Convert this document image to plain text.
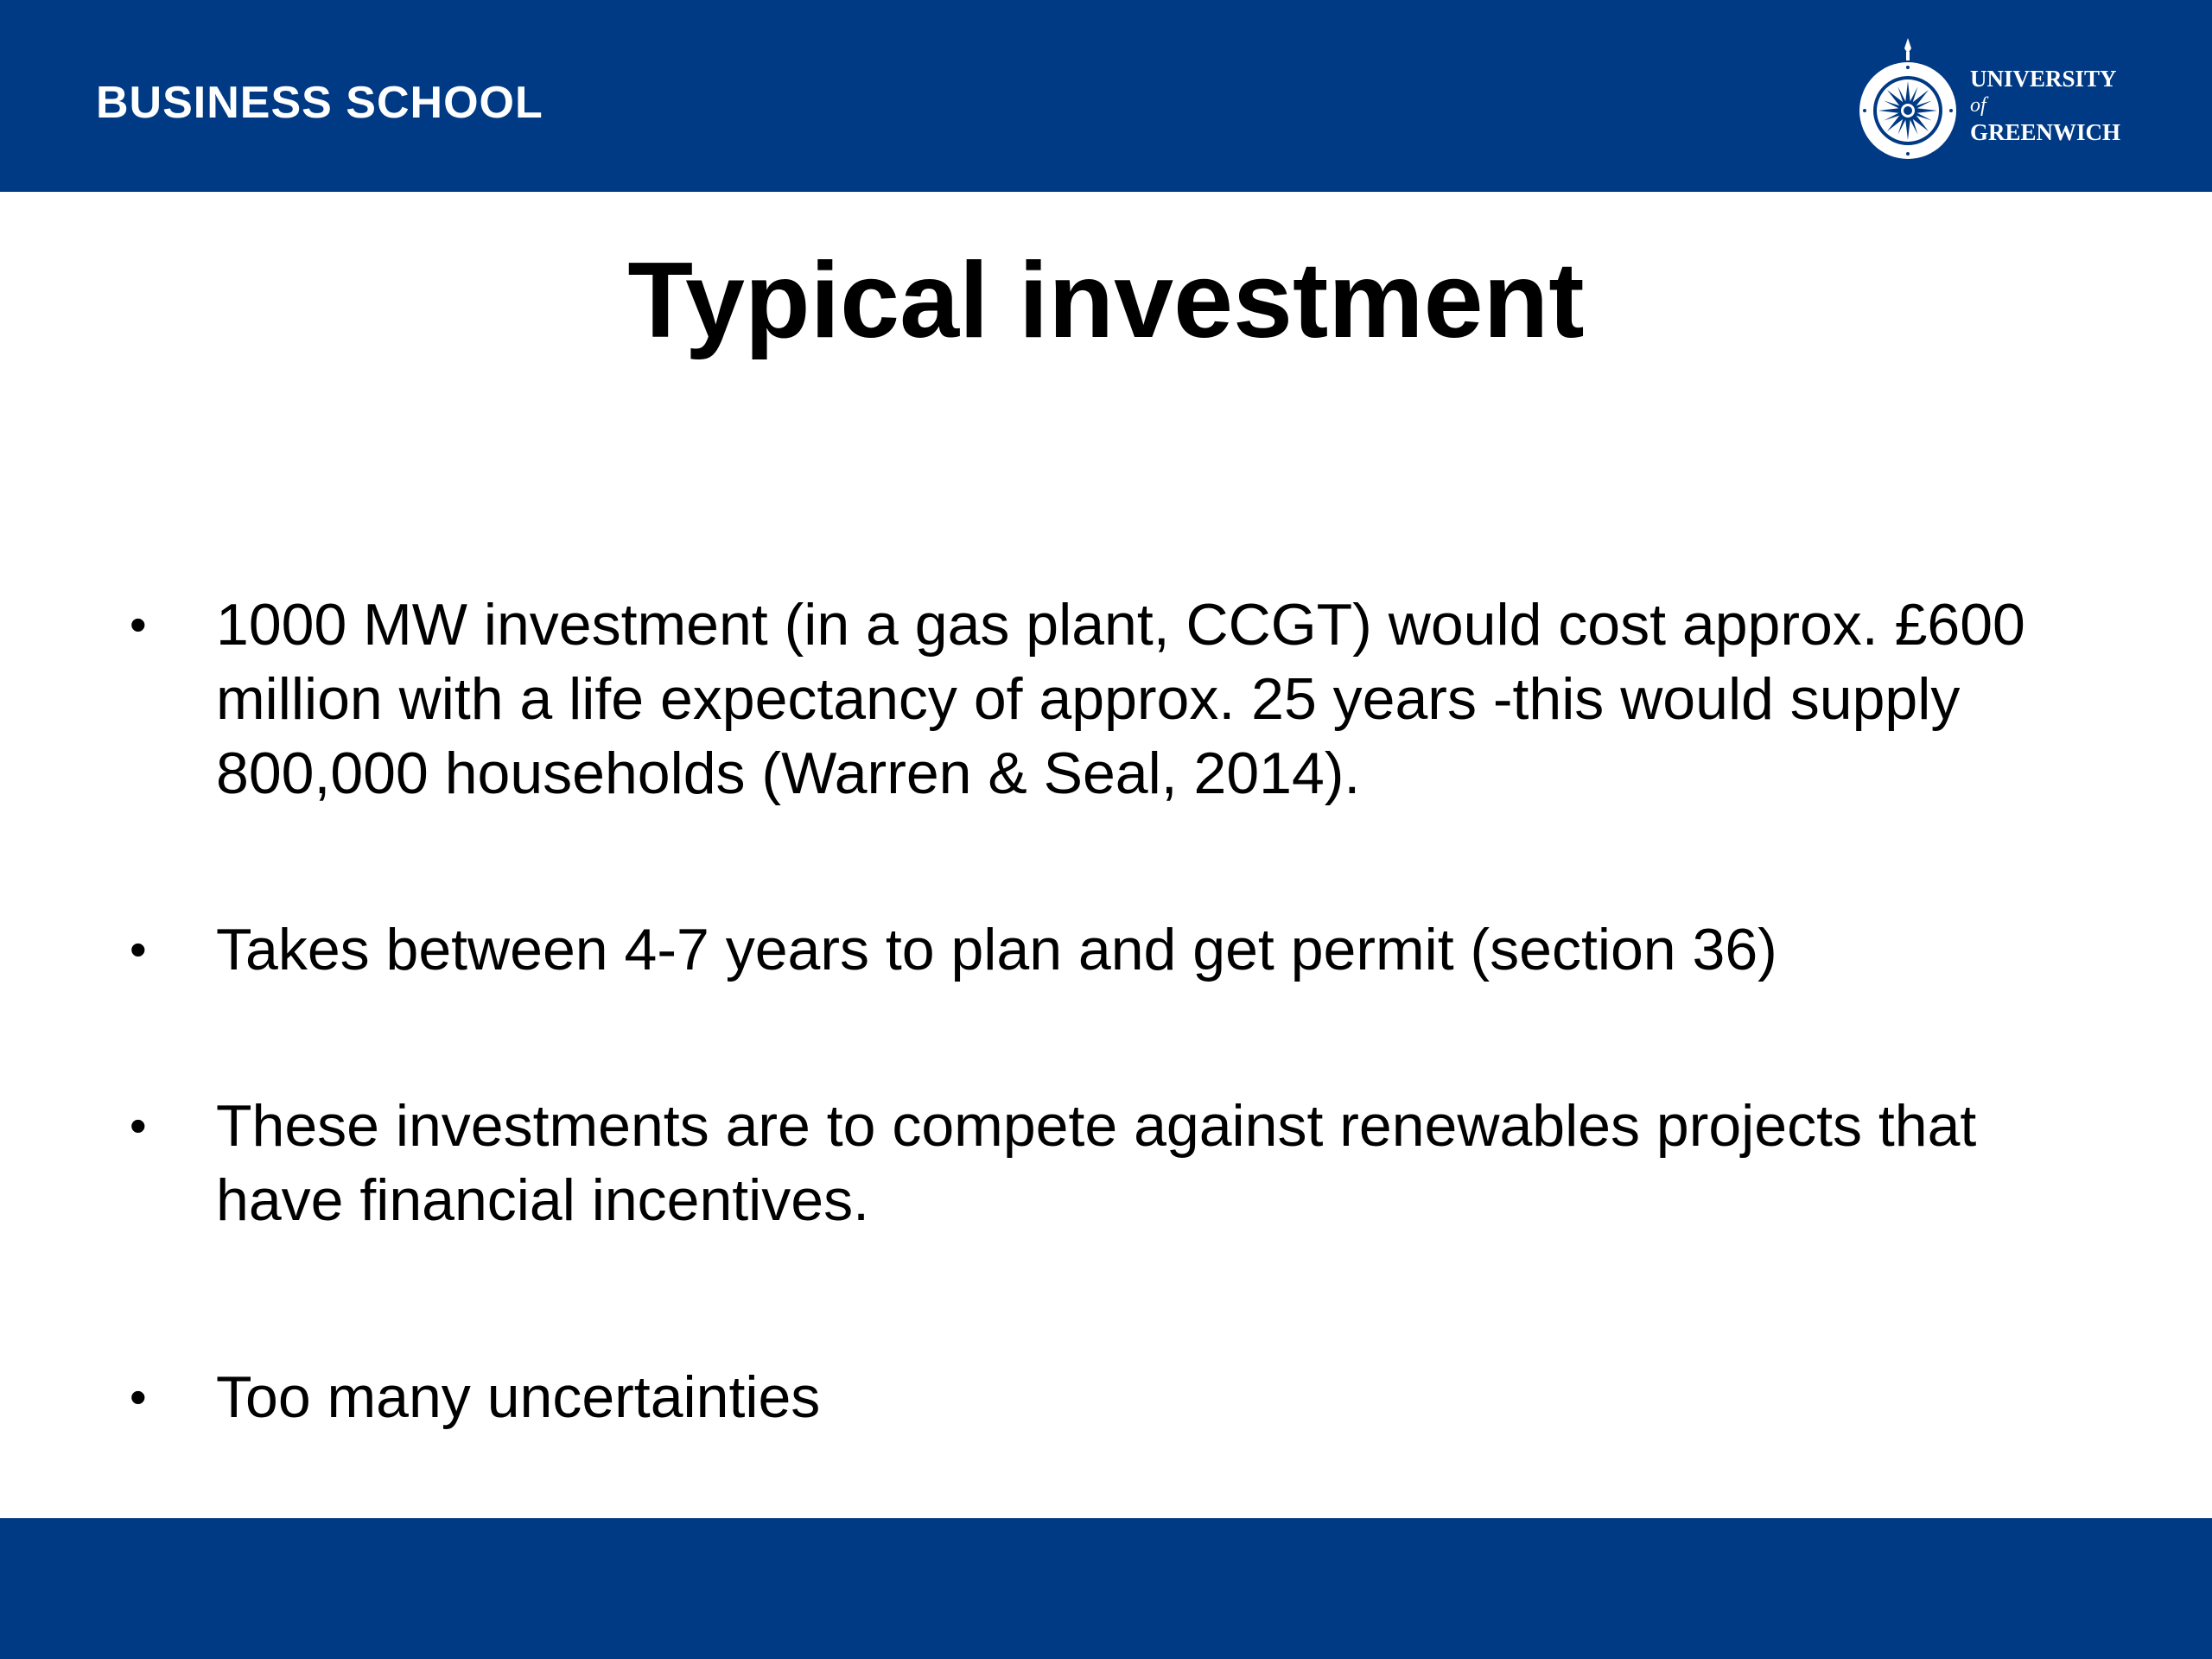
BUSINESS SCHOOL	UNIVERSITY
of
GREENWICH
Typical investment
• 1000 MW investment (in a gas plant, CCGT) would cost approx. £600 million with a life expectancy of approx. 25 years -this would supply 800,000 households (Warren & Seal, 2014).
• Takes between 4-7 years to plan and get permit (section 36)
• These investments are to compete against renewables projects that have financial incentives.
• Too many uncertainties
